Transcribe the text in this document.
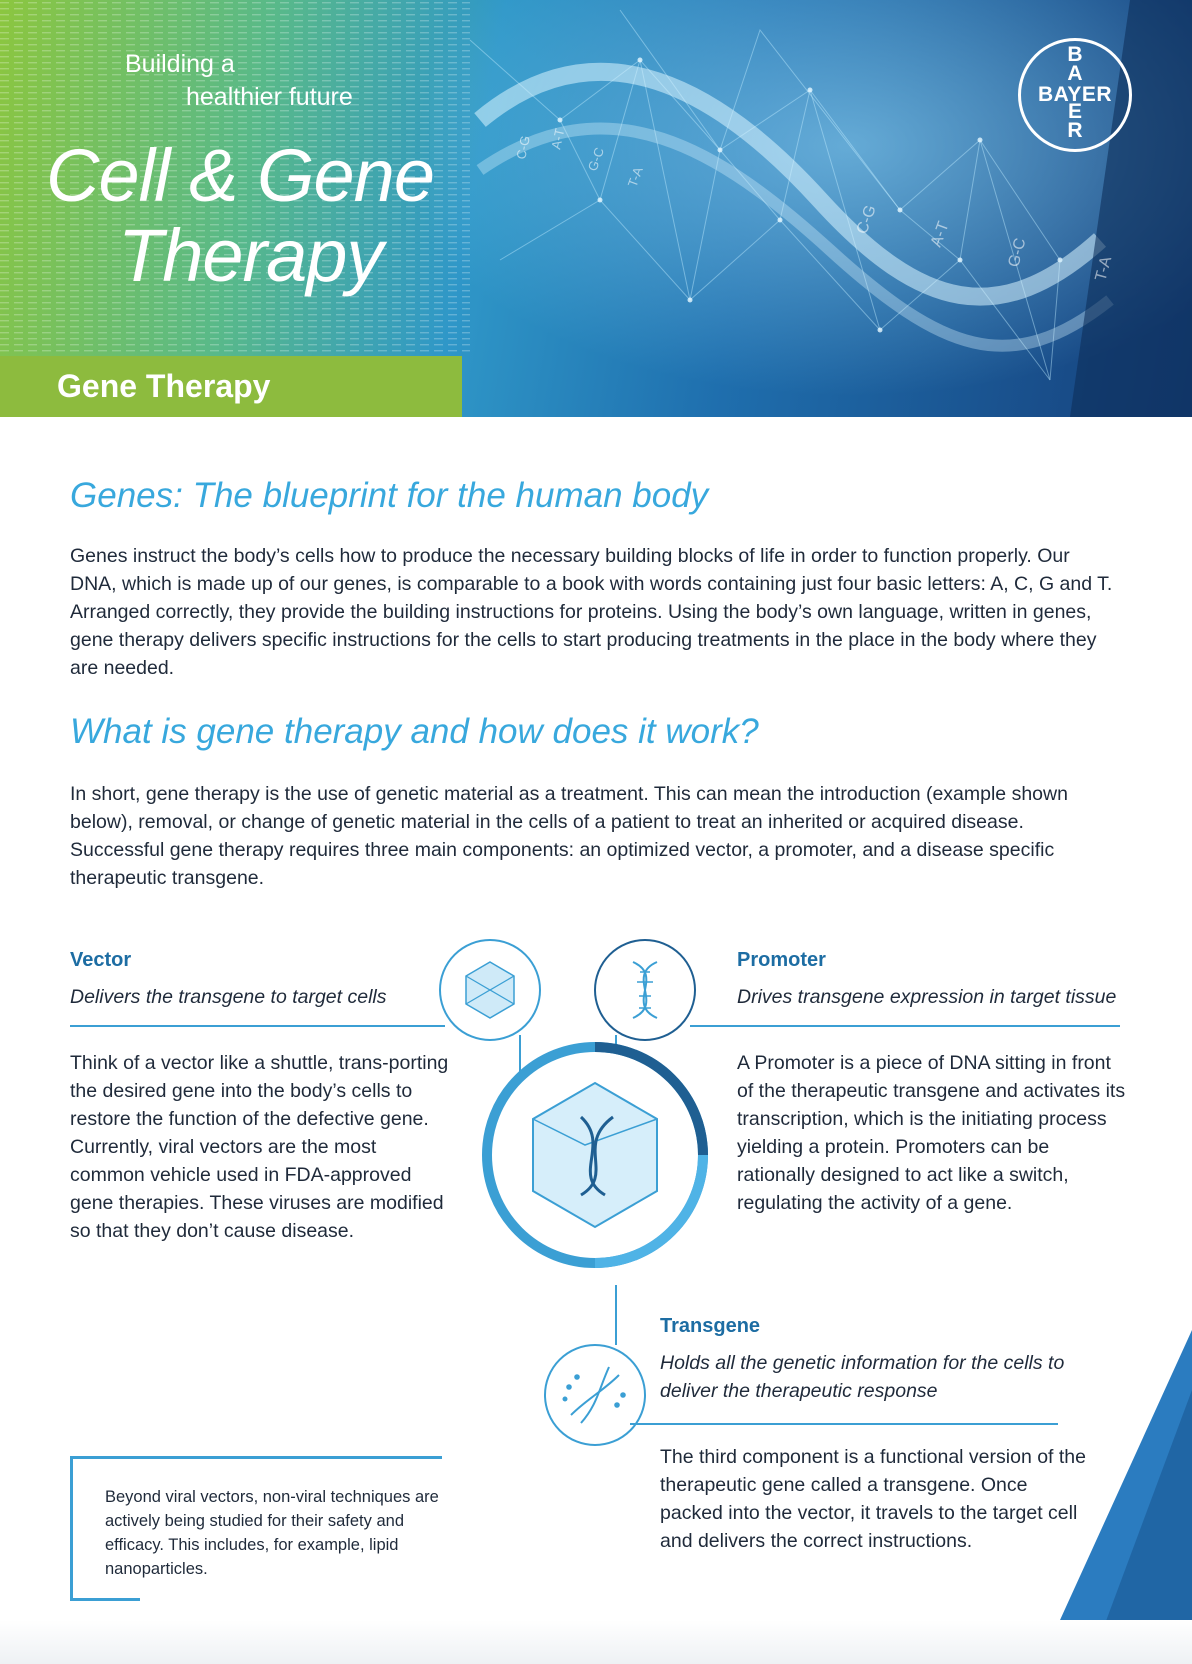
C-G A-T
G-C
T-A
C-G	A-T
G-C	T-A
Building a
healthier future
Cell & Gene
Therapy
Gene Therapy
BAYER
BA
ER
Genes: The blueprint for the human body

Genes instruct the body’s cells how to produce the necessary building blocks of life in order to function properly. Our DNA, which is made up of our genes, is comparable to a book with words containing just four basic letters: A, C, G and T. Arranged correctly, they provide the building instructions for proteins. Using the body’s own language, written in genes, gene therapy delivers specific instructions for the cells to start producing treatments in the place in the body where they are needed.

What is gene therapy and how does it work?

In short, gene therapy is the use of genetic material as a treatment. This can mean the introduction (example shown below), removal, or change of genetic material in the cells of a patient to treat an inherited or acquired disease. Successful gene therapy requires three main components: an optimized vector, a promoter, and a disease specific therapeutic transgene.

Vector
Delivers the transgene to target cells

Think of a vector like a shuttle, trans-porting the desired gene into the body’s cells to restore the function of the defective gene. Currently, viral vectors are the most common vehicle used in FDA-approved gene therapies. These viruses are modified so that they don’t cause disease.

Promoter
Drives transgene expression in target tissue

A Promoter is a piece of DNA sitting in front of the therapeutic transgene and activates its transcription, which is the initiating process yielding a protein. Promoters can be rationally designed to act like a switch, regulating the activity of a gene.

Transgene
Holds all the genetic information for the cells to deliver the therapeutic response

The third component is a functional version of the therapeutic gene called a transgene. Once packed into the vector, it travels to the target cell and delivers the correct instructions.

Beyond viral vectors, non-viral techniques are actively being studied for their safety and efficacy. This includes, for example, lipid nanoparticles.
